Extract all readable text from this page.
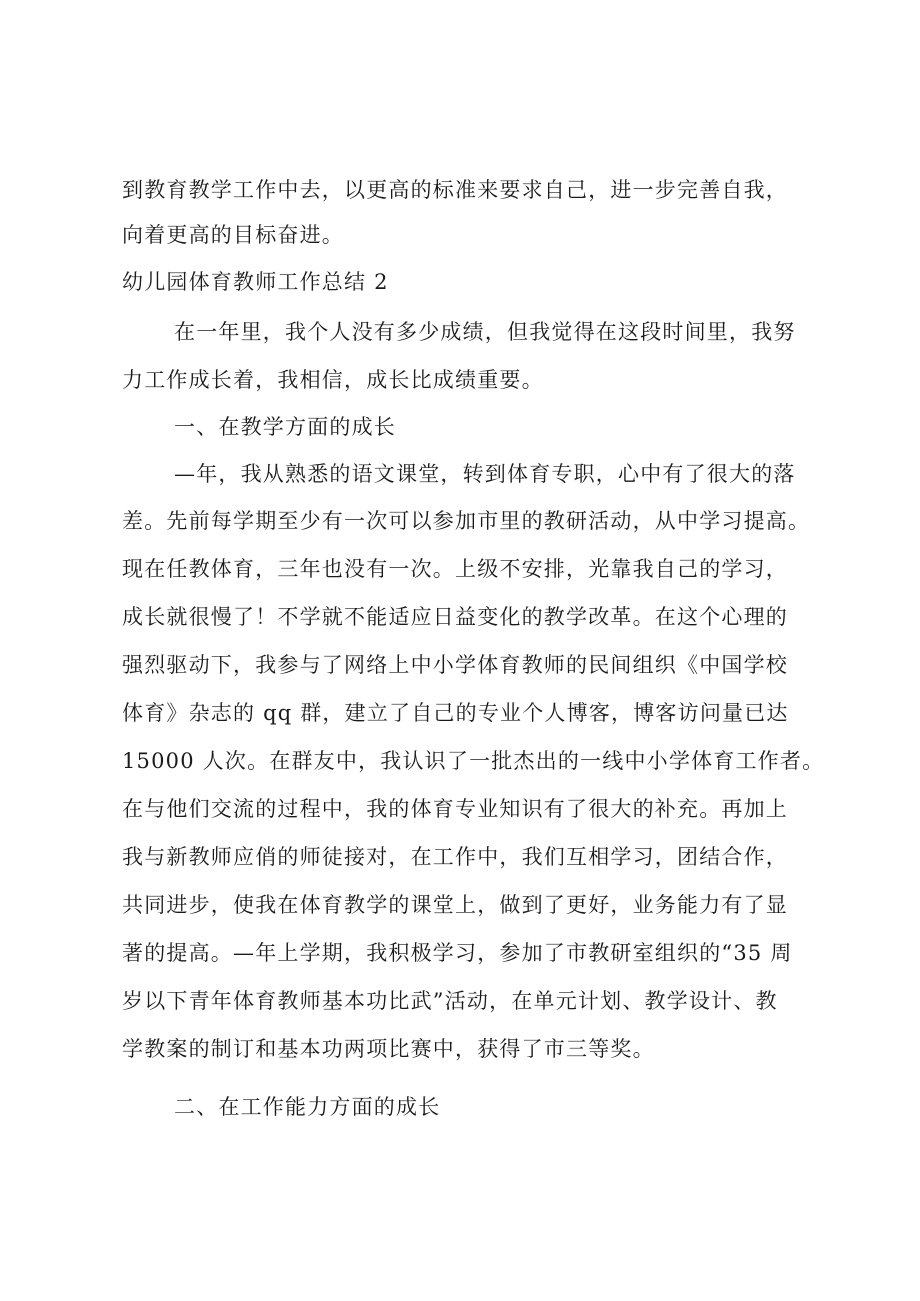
到教育教学工作中去，以更高的标准来要求自己，进一步完善自我，
向着更高的目标奋进。
幼儿园体育教师工作总结 2
在一年里，我个人没有多少成绩，但我觉得在这段时间里，我努
力工作成长着，我相信，成长比成绩重要。
一、在教学方面的成长
—年，我从熟悉的语文课堂，转到体育专职，心中有了很大的落
差。先前每学期至少有一次可以参加市里的教研活动，从中学习提高。
现在任教体育，三年也没有一次。上级不安排，光靠我自己的学习，
成长就很慢了！不学就不能适应日益变化的教学改革。在这个心理的
强烈驱动下，我参与了网络上中小学体育教师的民间组织《中国学校
体育》杂志的 qq 群，建立了自己的专业个人博客，博客访问量已达
15000 人次。在群友中，我认识了一批杰出的一线中小学体育工作者。
在与他们交流的过程中，我的体育专业知识有了很大的补充。再加上
我与新教师应俏的师徒接对，在工作中，我们互相学习，团结合作，
共同进步，使我在体育教学的课堂上，做到了更好，业务能力有了显
著的提高。—年上学期，我积极学习，参加了市教研室组织的“35 周
岁以下青年体育教师基本功比武”活动，在单元计划、教学设计、教
学教案的制订和基本功两项比赛中，获得了市三等奖。
二、在工作能力方面的成长
